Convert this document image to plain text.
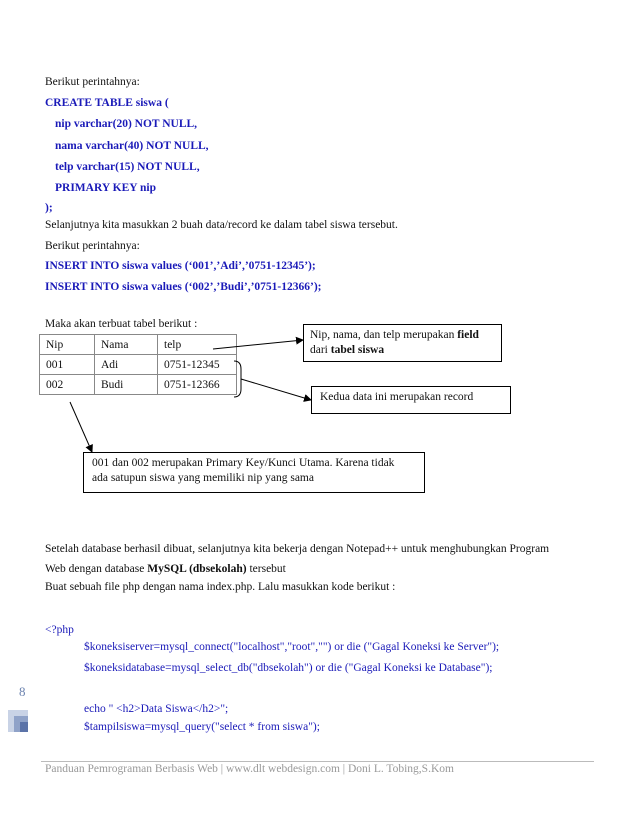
Berikut perintahnya:
CREATE TABLE siswa (
nip varchar(20) NOT NULL,
nama varchar(40) NOT NULL,
telp varchar(15) NOT NULL,
PRIMARY KEY nip
);
Selanjutnya kita masukkan 2 buah data/record ke dalam tabel siswa tersebut.
Berikut perintahnya:
INSERT INTO siswa values (‘001’,’Adi’,’0751-12345’);
INSERT INTO siswa values (‘002’,’Budi’,’0751-12366’);
Maka akan terbuat tabel berikut :
Nip	Nama	telp
001	Adi	0751-12345
002	Budi	0751-12366
Nip, nama, dan telp merupakan field
dari tabel siswa
Kedua data ini merupakan record
001 dan 002 merupakan Primary Key/Kunci Utama. Karena tidak
ada satupun siswa yang memiliki nip yang sama
Setelah database berhasil dibuat, selanjutnya kita bekerja dengan Notepad++ untuk menghubungkan Program
Web dengan database MySQL (dbsekolah) tersebut
Buat sebuah file php dengan nama index.php. Lalu masukkan kode berikut :
<?php
$koneksiserver=mysql_connect("localhost","root","") or die ("Gagal Koneksi ke Server");
$koneksidatabase=mysql_select_db("dbsekolah") or die ("Gagal Koneksi ke Database");
echo " <h2>Data Siswa</h2>";
$tampilsiswa=mysql_query("select * from siswa");
8
Panduan Pemrograman Berbasis Web | www.dlt webdesign.com | Doni L. Tobing,S.Kom
